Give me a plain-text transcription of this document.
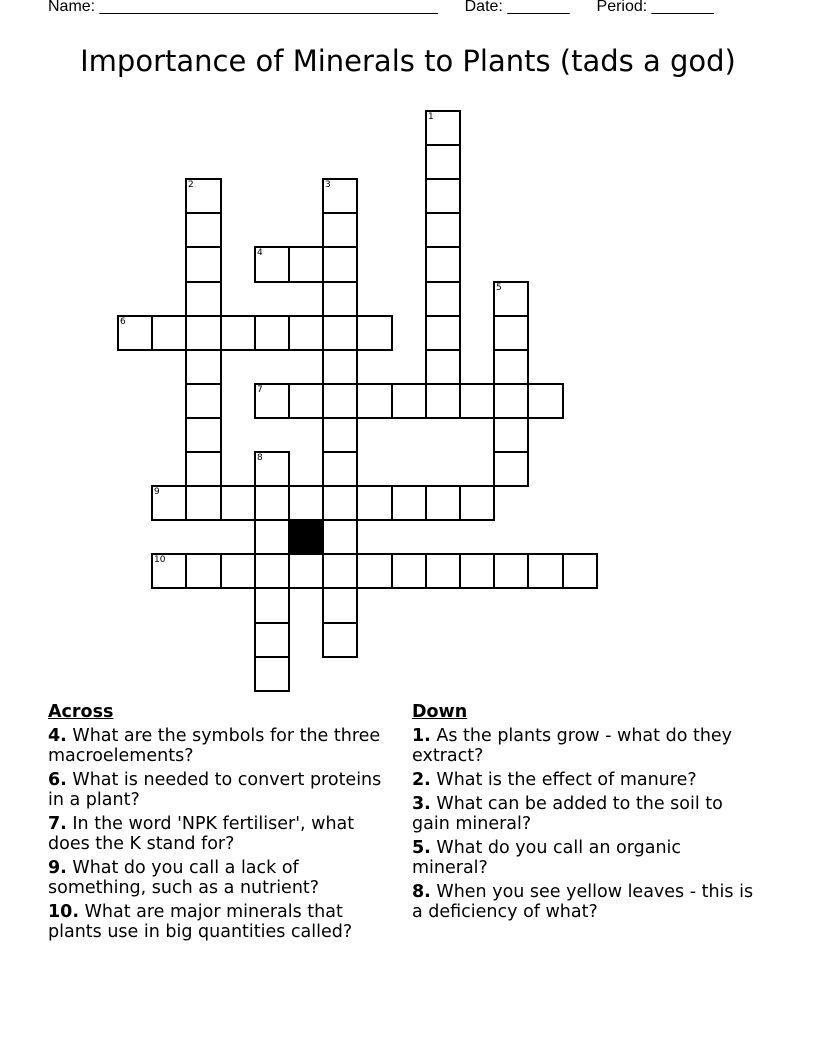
Name: ______________________________________ Date: _______ Period: _______
Importance of Minerals to Plants (tads a god)
1
2	3
4
5
6
7
8
9
10
Across
4. What are the symbols for the three macroelements?
6. What is needed to convert proteins in a plant?
7. In the word 'NPK fertiliser', what does the K stand for?
9. What do you call a lack of something, such as a nutrient?
10. What are major minerals that plants use in big quantities called?
Down
1. As the plants grow - what do they extract?
2. What is the effect of manure?
3. What can be added to the soil to gain mineral?
5. What do you call an organic mineral?
8. When you see yellow leaves - this is a deficiency of what?
